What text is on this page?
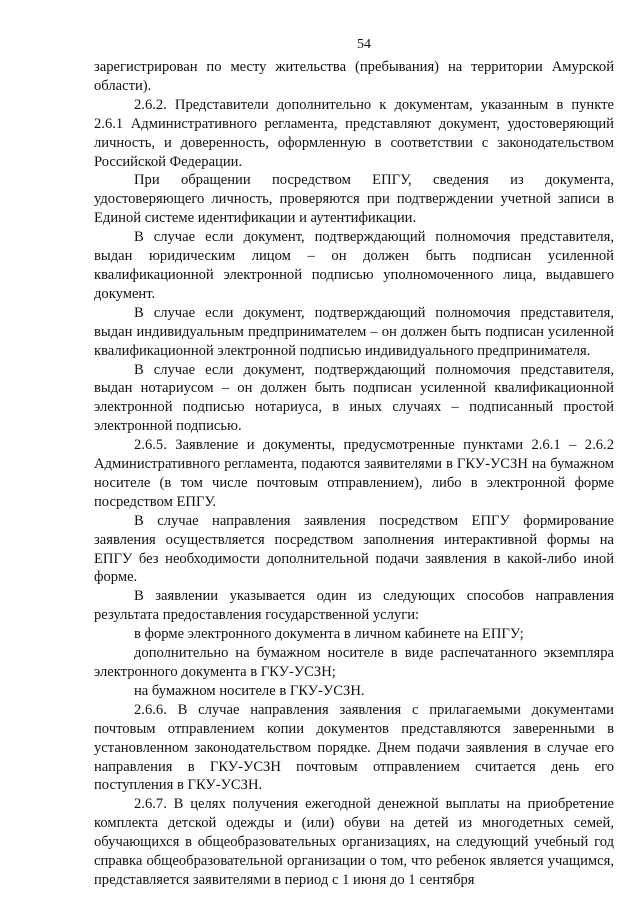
54

зарегистрирован по месту жительства (пребывания) на территории Амурской области).

2.6.2. Представители дополнительно к документам, указанным в пункте 2.6.1 Административного регламента, представляют документ, удостоверяющий личность, и доверенность, оформленную в соответствии с законодательством Российской Федерации.

При обращении посредством ЕПГУ, сведения из документа, удостоверяющего личность, проверяются при подтверждении учетной записи в Единой системе идентификации и аутентификации.

В случае если документ, подтверждающий полномочия представителя, выдан юридическим лицом – он должен быть подписан усиленной квалификационной электронной подписью уполномоченного лица, выдавшего документ.

В случае если документ, подтверждающий полномочия представителя, выдан индивидуальным предпринимателем – он должен быть подписан усиленной квалификационной электронной подписью индивидуального предпринимателя.

В случае если документ, подтверждающий полномочия представителя, выдан нотариусом – он должен быть подписан усиленной квалификационной электронной подписью нотариуса, в иных случаях – подписанный простой электронной подписью.

2.6.5. Заявление и документы, предусмотренные пунктами 2.6.1 – 2.6.2 Административного регламента, подаются заявителями в ГКУ-УСЗН на бумажном носителе (в том числе почтовым отправлением), либо в электронной форме посредством ЕПГУ.

В случае направления заявления посредством ЕПГУ формирование заявления осуществляется посредством заполнения интерактивной формы на ЕПГУ без необходимости дополнительной подачи заявления в какой-либо иной форме.

В заявлении указывается один из следующих способов направления результата предоставления государственной услуги:

в форме электронного документа в личном кабинете на ЕПГУ;

дополнительно на бумажном носителе в виде распечатанного экземпляра электронного документа в ГКУ-УСЗН;

на бумажном носителе в ГКУ-УСЗН.

2.6.6. В случае направления заявления с прилагаемыми документами почтовым отправлением копии документов представляются заверенными в установленном законодательством порядке. Днем подачи заявления в случае его направления в ГКУ-УСЗН почтовым отправлением считается день его поступления в ГКУ-УСЗН.

2.6.7. В целях получения ежегодной денежной выплаты на приобретение комплекта детской одежды и (или) обуви на детей из многодетных семей, обучающихся в общеобразовательных организациях, на следующий учебный год справка общеобразовательной организации о том, что ребенок является учащимся, представляется заявителями в период с 1 июня до 1 сентября
